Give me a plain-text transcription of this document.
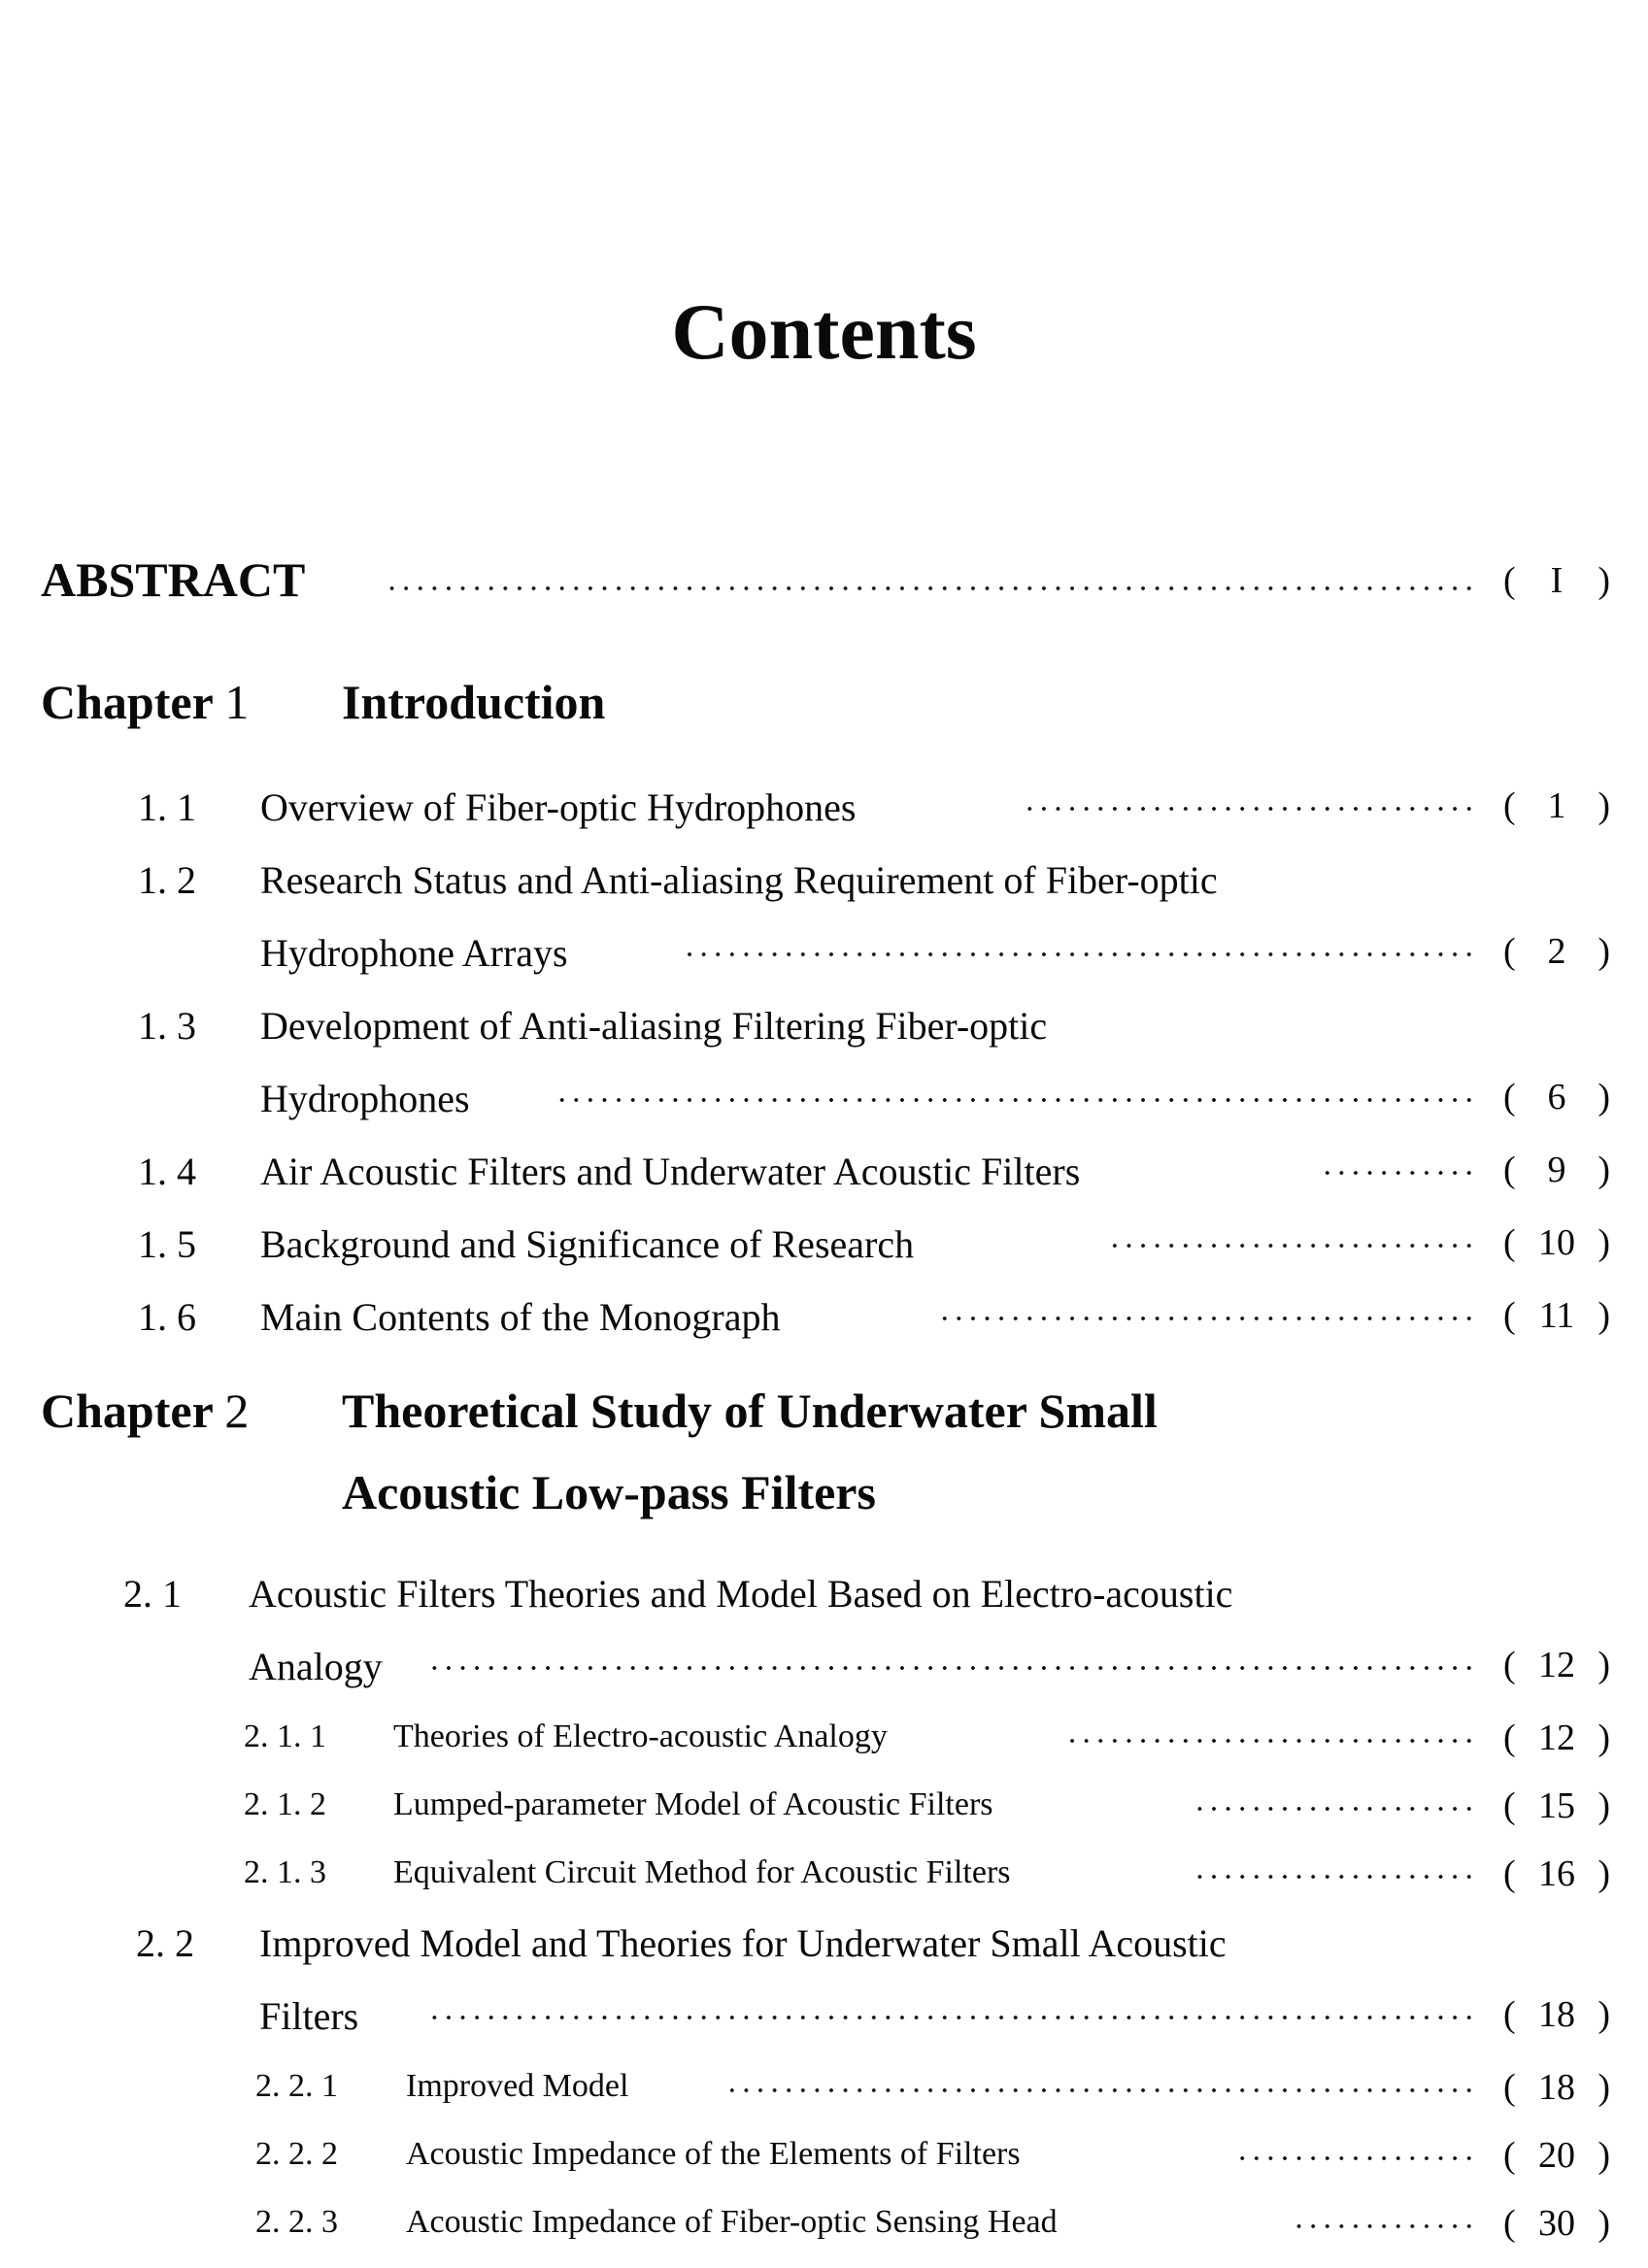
Contents
ABSTRACT	( I )
Chapter 1 Introduction
1. 1 Overview of Fiber-optic Hydrophones	( 1 )
1. 2 Research Status and Anti-aliasing Requirement of Fiber-optic
Hydrophone Arrays	( 2 )
1. 3 Development of Anti-aliasing Filtering Fiber-optic
Hydrophones	( 6 )
1. 4 Air Acoustic Filters and Underwater Acoustic Filters	( 9 )
1. 5 Background and Significance of Research	( 10 )
1. 6 Main Contents of the Monograph	( 11 )
Chapter 2 Theoretical Study of Underwater Small
Acoustic Low-pass Filters
2. 1 Acoustic Filters Theories and Model Based on Electro-acoustic
Analogy	( 12 )
2. 1. 1 Theories of Electro-acoustic Analogy	( 12 )
2. 1. 2 Lumped-parameter Model of Acoustic Filters	( 15 )
2. 1. 3 Equivalent Circuit Method for Acoustic Filters	( 16 )
2. 2 Improved Model and Theories for Underwater Small Acoustic
Filters	( 18 )
2. 2. 1 Improved Model	( 18 )
2. 2. 2 Acoustic Impedance of the Elements of Filters	( 20 )
2. 2. 3 Acoustic Impedance of Fiber-optic Sensing Head	( 30 )
